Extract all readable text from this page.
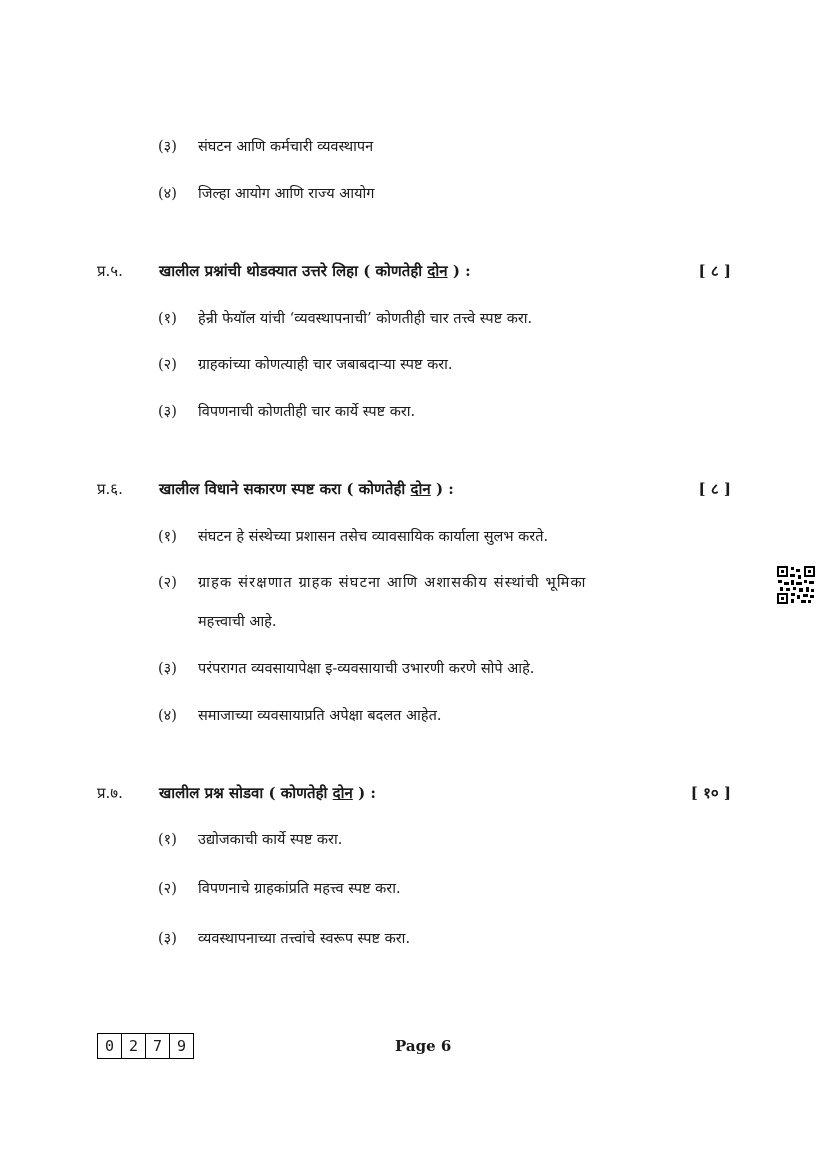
(३) संघटन आणि कर्मचारी व्यवस्थापन
(४) जिल्हा आयोग आणि राज्य आयोग
प्र.५. खालील प्रश्नांची थोडक्यात उत्तरे लिहा ( कोणतेही दोन ) :	[ ८ ]
(१) हेन्री फेयॉल यांची ‘व्यवस्थापनाची’ कोणतीही चार तत्त्वे स्पष्ट करा.
(२) ग्राहकांच्या कोणत्याही चार जबाबदाऱ्या स्पष्ट करा.
(३) विपणनाची कोणतीही चार कार्ये स्पष्ट करा.
प्र.६. खालील विधाने सकारण स्पष्ट करा ( कोणतेही दोन ) :	[ ८ ]
(१) संघटन हे संस्थेच्या प्रशासन तसेच व्यावसायिक कार्याला सुलभ करते.
(२) ग्राहक संरक्षणात ग्राहक संघटना आणि अशासकीय संस्थांची भूमिका
महत्त्वाची आहे.
(३) परंपरागत व्यवसायापेक्षा इ-व्यवसायाची उभारणी करणे सोपे आहे.
(४) समाजाच्या व्यवसायाप्रति अपेक्षा बदलत आहेत.
प्र.७. खालील प्रश्न सोडवा ( कोणतेही दोन ) :	[ १० ]
(१) उद्योजकाची कार्ये स्पष्ट करा.
(२) विपणनाचे ग्राहकांप्रति महत्त्व स्पष्ट करा.
(३) व्यवस्थापनाच्या तत्त्वांचे स्वरूप स्पष्ट करा.
0 2 7 9	Page 6
